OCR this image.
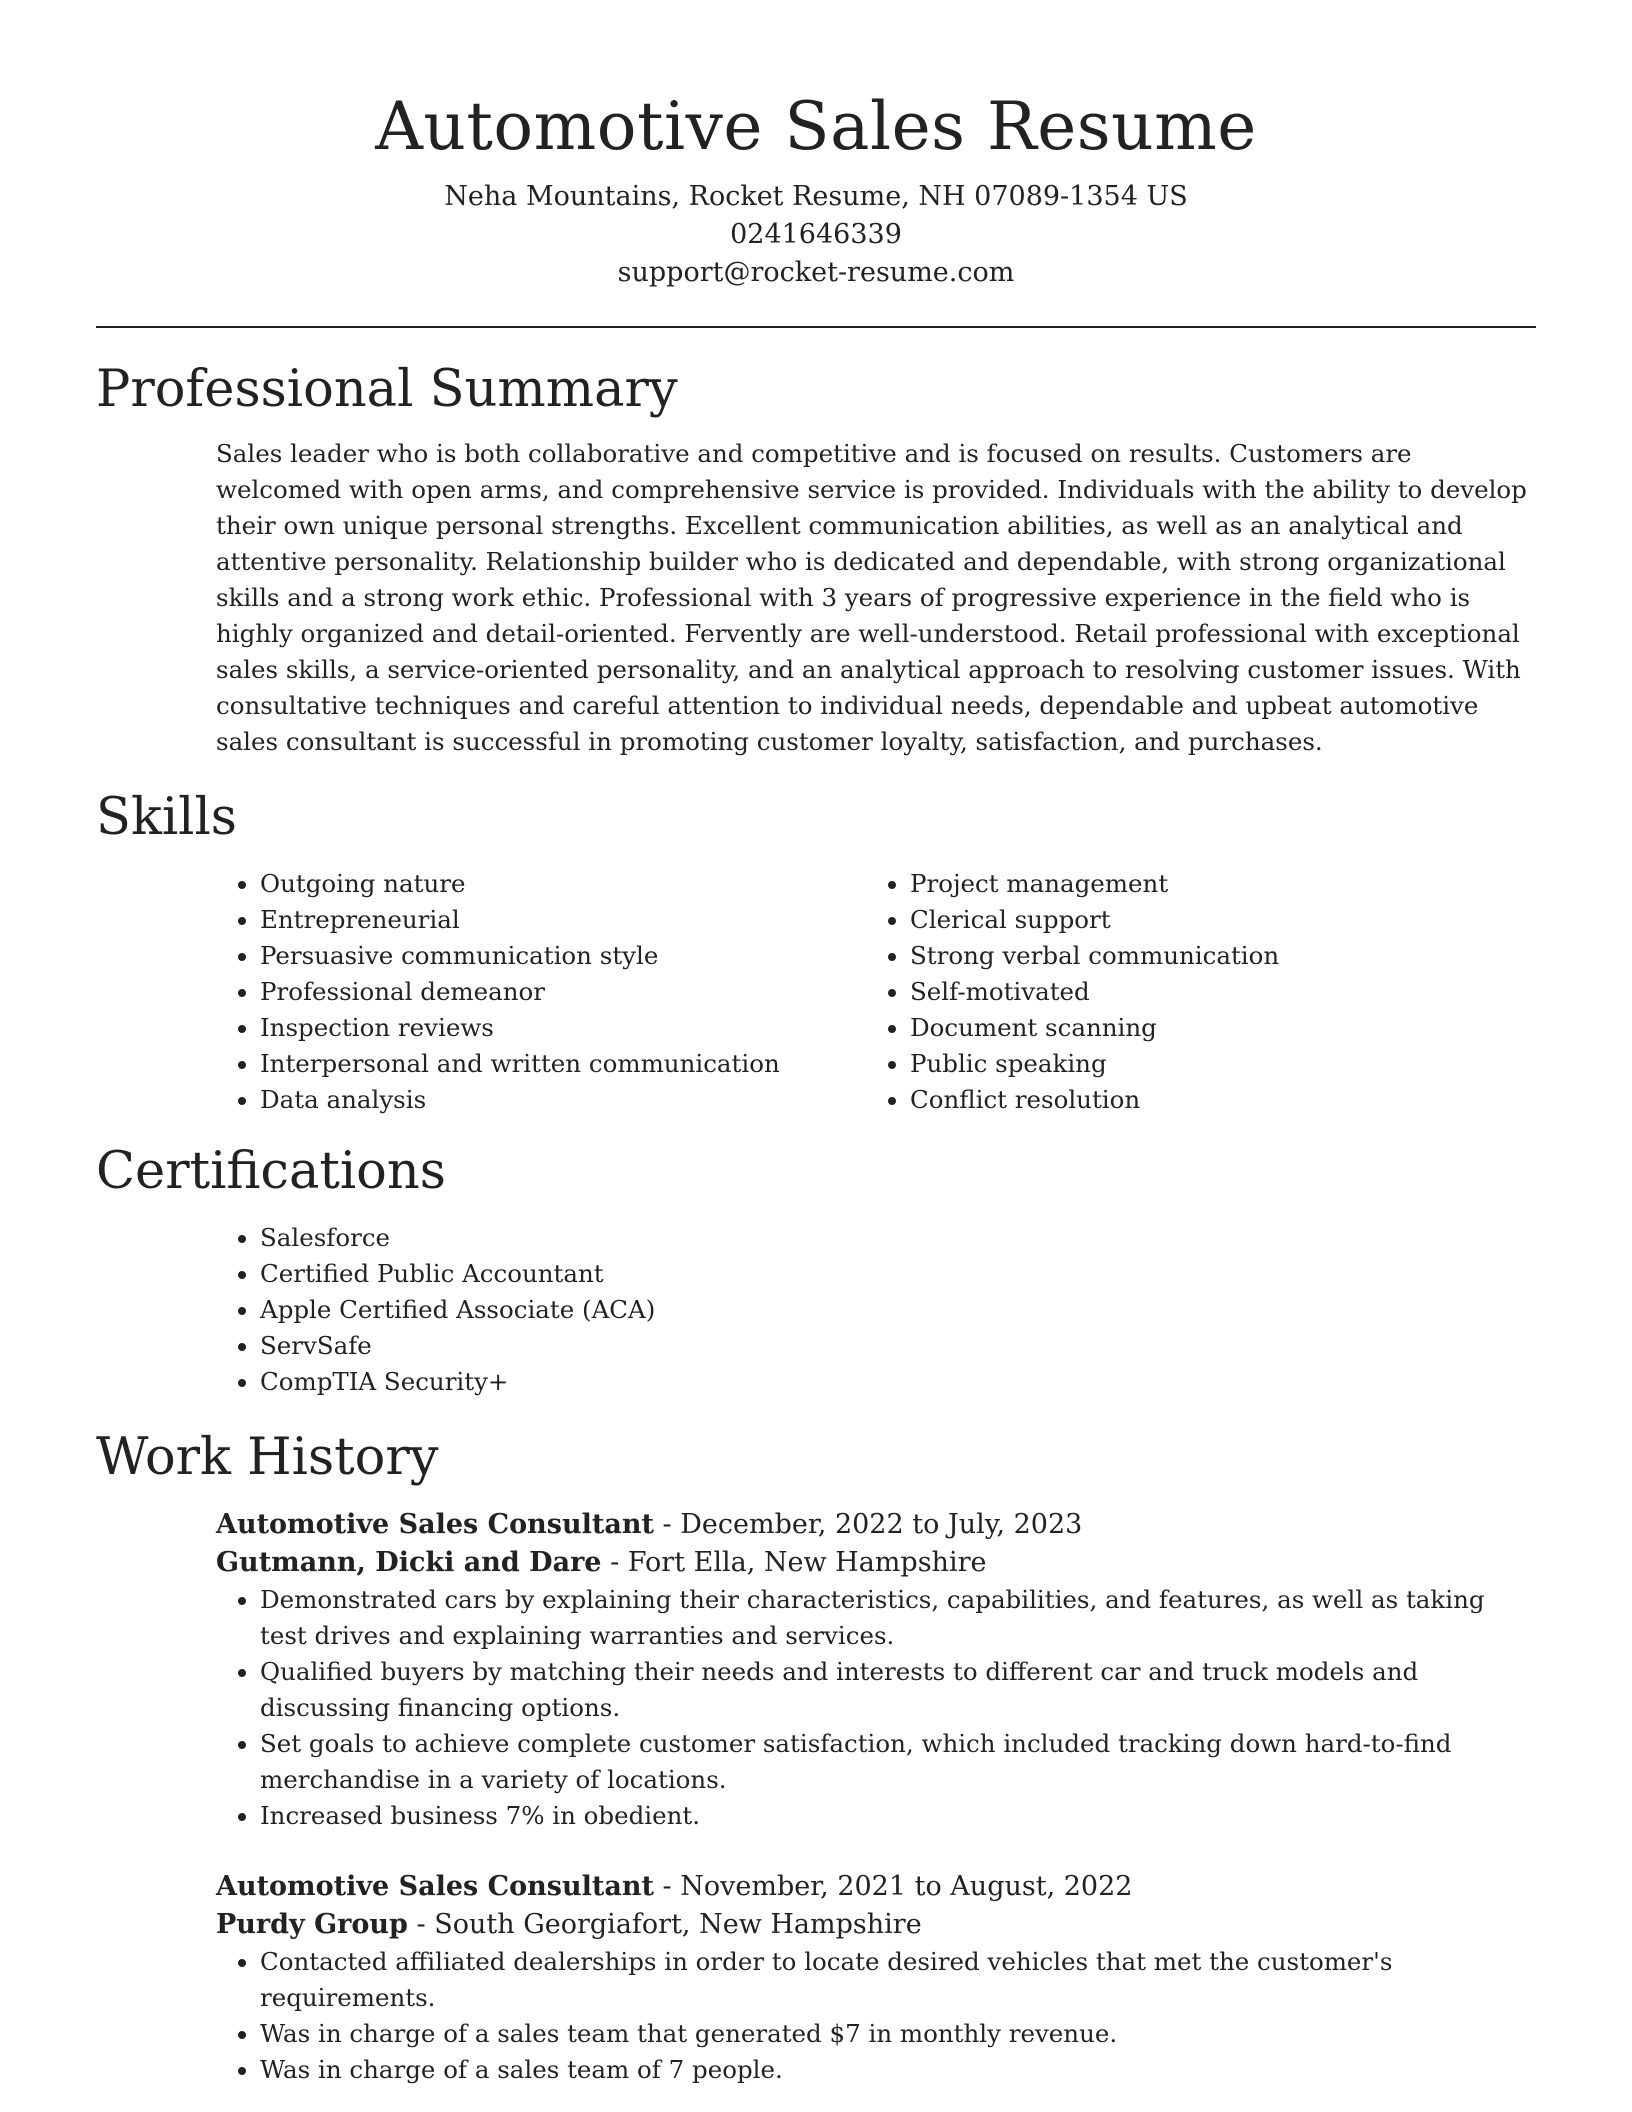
Automotive Sales Resume

Neha Mountains, Rocket Resume, NH 07089-1354 US

0241646339

support@rocket-resume.com

Professional Summary

Sales leader who is both collaborative and competitive and is focused on results. Customers are welcomed with open arms, and comprehensive service is provided. Individuals with the ability to develop their own unique personal strengths. Excellent communication abilities, as well as an analytical and attentive personality. Relationship builder who is dedicated and dependable, with strong organizational skills and a strong work ethic. Professional with 3 years of progressive experience in the field who is highly organized and detail-oriented. Fervently are well-understood. Retail professional with exceptional sales skills, a service-oriented personality, and an analytical approach to resolving customer issues. With consultative techniques and careful attention to individual needs, dependable and upbeat automotive sales consultant is successful in promoting customer loyalty, satisfaction, and purchases.

Skills
• Outgoing nature
• Entrepreneurial
• Persuasive communication style
• Professional demeanor
• Inspection reviews
• Interpersonal and written communication
• Data analysis
• Project management
• Clerical support
• Strong verbal communication
• Self-motivated
• Document scanning
• Public speaking
• Conflict resolution
Certifications
• Salesforce
• Certified Public Accountant
• Apple Certified Associate (ACA)
• ServSafe
• CompTIA Security+
Work History

Automotive Sales Consultant - December, 2022 to July, 2023

Gutmann, Dicki and Dare - Fort Ella, New Hampshire

• Demonstrated cars by explaining their characteristics, capabilities, and features, as well as taking test drives and explaining warranties and services.
• Qualified buyers by matching their needs and interests to different car and truck models and discussing financing options.
• Set goals to achieve complete customer satisfaction, which included tracking down hard-to-find merchandise in a variety of locations.
• Increased business 7% in obedient.

Automotive Sales Consultant - November, 2021 to August, 2022

Purdy Group - South Georgiafort, New Hampshire

• Contacted affiliated dealerships in order to locate desired vehicles that met the customer's requirements.
• Was in charge of a sales team that generated $7 in monthly revenue.
• Was in charge of a sales team of 7 people.
